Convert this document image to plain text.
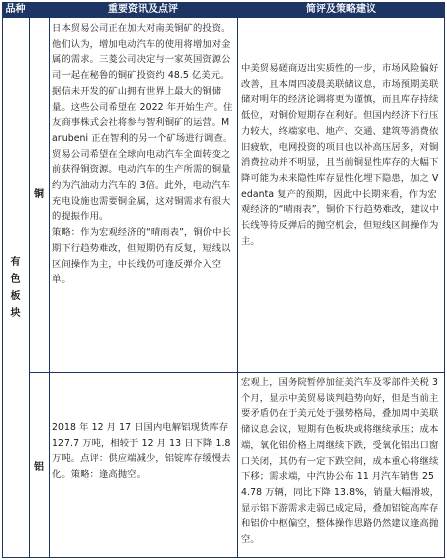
品种	重要资讯及点评	简评及策略建议
有
色
板
块
铜
日本贸易公司正在加大对南美铜矿的投资。他们认为，增加电动汽车的使用将增加对金属的需求。三菱公司决定与一家英国资源公司一起在秘鲁的铜矿投资约 48.5 亿美元。据信未开发的矿山拥有世界上最大的铜储量。这些公司希望在 2022 年开始生产。住友商事株式会社将参与智利铜矿的运营。Marubeni 正在智利的另一个矿场进行调查。贸易公司希望在全球向电动汽车全面转变之前获得铜资源。电动汽车的生产所需的铜量约为汽油动力汽车的 3倍。此外，电动汽车充电设施也需要铜金属，这对铜需求有很大的提振作用。
策略：作为宏观经济的“晴雨表”，铜价中长期下行趋势难改，但短期仍有反复，短线以区间操作为主，中长线仍可逢反弹介入空单。
中美贸易磋商迈出实质性的一步，市场风险偏好改善，且本周四凌晨美联储议息，市场预期美联储对明年的经济论调将更为谨慎，而且库存持续低位，对铜价短期存在利好。但国内经济下行压力较大，终端家电、地产、交通、建筑等消费依旧疲软，电网投资的项目也以补高压居多，对铜消费拉动并不明显，且当前铜显性库存的大幅下降可能为未来隐性库存显性化埋下隐患，加之 Vedanta 复产的预期，因此中长期来看，作为宏观经济的“晴雨表”，铜价下行趋势难改，建议中长线等待反弹后的抛空机会，但短线区间操作为主。
铝
2018 年 12 月 17 日国内电解铝现货库存 127.7 万吨，相较于 12 月 13 日下降 1.8 万吨。点评：供应端减少，铝锭库存缓慢去化。策略：逢高抛空。
宏观上，国务院暂停加征美汽车及零部件关税 3 个月，显示中美贸易谈判趋势向好，但是当前主要矛盾仍在于美元处于强势格局，叠加周中美联储议息会议，短期有色板块或将继续承压；成本端，氧化铝价格上周继续下跌，受氧化铝出口窗口关闭，其仍有一定下跌空间，成本重心将继续下移；需求端，中汽协公布 11 月汽车销售 254.78 万辆，同比下降 13.8%，销量大幅滑坡，显示铝下游需求走弱已成定局，叠加铝锭高库存和铝价中枢偏空，整体操作思路仍然建议逢高抛空。
